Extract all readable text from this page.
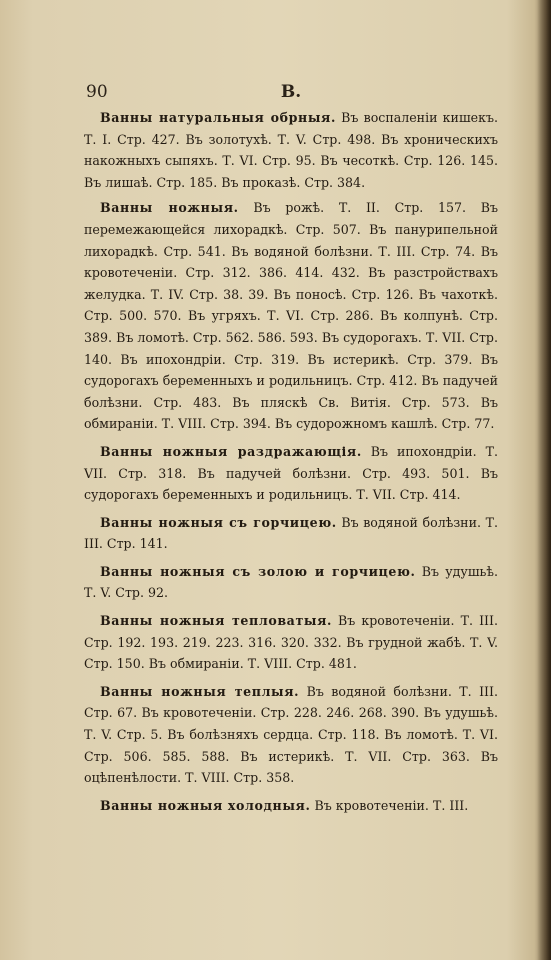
90	В.

Ванны натуральныя обрныя. Въ воспаленіи кишекъ. Т. I. Стр. 427. Въ золотухѣ. Т. V. Стр. 498. Въ хроническихъ накожныхъ сыпяхъ. Т. VI. Стр. 95. Въ чесоткѣ. Стр. 126. 145. Въ лишаѣ. Стр. 185. Въ проказѣ. Стр. 384.

Ванны ножныя. Въ рожѣ. Т. II. Стр. 157. Въ перемежающейся лихорадкѣ. Стр. 507. Въ панурипельной лихорадкѣ. Стр. 541. Въ водяной болѣзни. Т. III. Стр. 74. Въ кровотеченіи. Стр. 312. 386. 414. 432. Въ разстройствахъ желудка. Т. IV. Стр. 38. 39. Въ поносѣ. Стр. 126. Въ чахоткѣ. Стр. 500. 570. Въ угряхъ. Т. VI. Стр. 286. Въ колпунѣ. Стр. 389. Въ ломотѣ. Стр. 562. 586. 593. Въ судорогахъ. Т. VII. Стр. 140. Въ ипохондріи. Стр. 319. Въ истерикѣ. Стр. 379. Въ судорогахъ беременныхъ и родильницъ. Стр. 412. Въ падучей болѣзни. Стр. 483. Въ пляскѣ Св. Витія. Стр. 573. Въ обмираніи. Т. VIII. Стр. 394. Въ судорожномъ кашлѣ. Стр. 77.

Ванны ножныя раздражающія. Въ ипохондріи. Т. VII. Стр. 318. Въ падучей болѣзни. Стр. 493. 501. Въ судорогахъ беременныхъ и родильницъ. Т. VII. Стр. 414.

Ванны ножныя съ горчицею. Въ водяной болѣзни. Т. III. Стр. 141.

Ванны ножныя съ золою и горчицею. Въ удушьѣ. Т. V. Стр. 92.

Ванны ножныя тепловатыя. Въ кровотеченіи. Т. III. Стр. 192. 193. 219. 223. 316. 320. 332. Въ грудной жабѣ. Т. V. Стр. 150. Въ обмираніи. Т. VIII. Стр. 481.

Ванны ножныя теплыя. Въ водяной болѣзни. Т. III. Стр. 67. Въ кровотеченіи. Стр. 228. 246. 268. 390. Въ удушьѣ. Т. V. Стр. 5. Въ болѣзняхъ сердца. Стр. 118. Въ ломотѣ. Т. VI. Стр. 506. 585. 588. Въ истерикѣ. Т. VII. Стр. 363. Въ оцѣпенѣлости. Т. VIII. Стр. 358.

Ванны ножныя холодныя. Въ кровотеченіи. Т. III.
